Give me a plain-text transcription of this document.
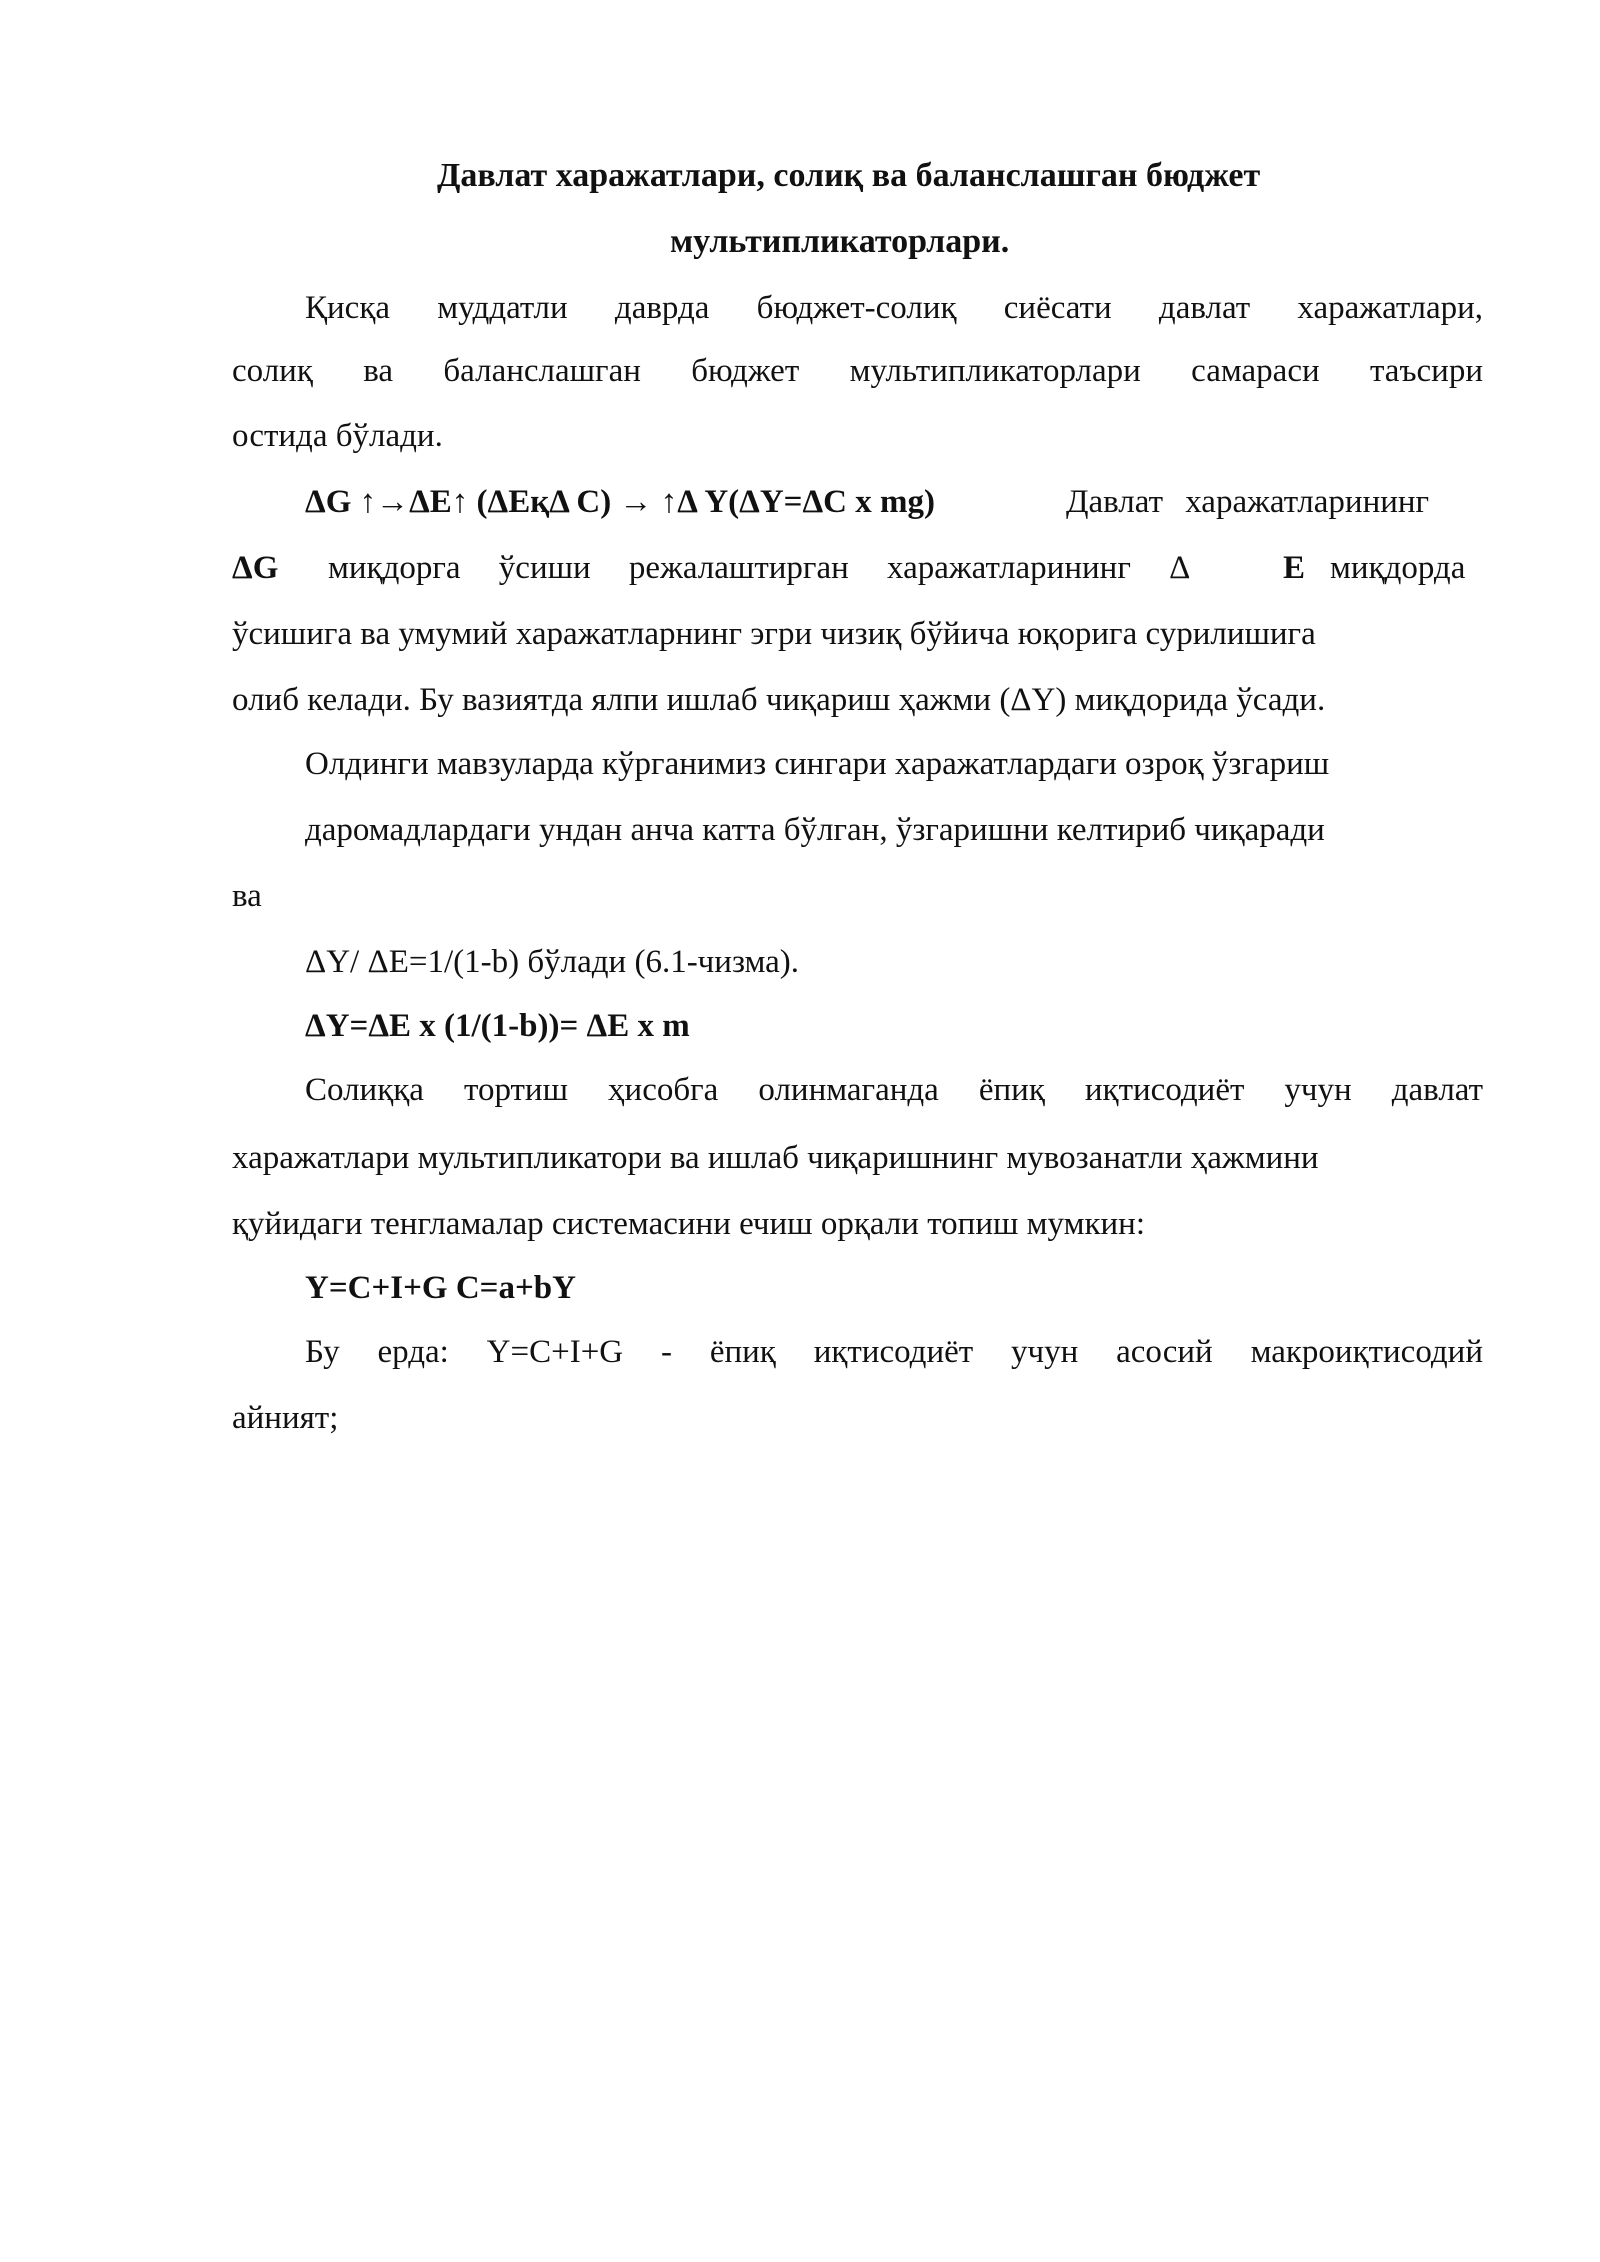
Давлат харажатлари, солиқ ва баланслашган бюджет
мультипликаторлари.
Қисқа муддатли даврда бюджет-солиқ сиёсати давлат харажатлари,
солиқ ва баланслашган бюджет мультипликаторлари самараси таъсири
остида бўлади.
ΔG ↑→ΔE↑ (ΔEқΔ C) → ↑Δ Y(ΔY=ΔC x mg)	Давлат харажатларининг
ΔG миқдорга ўсиши режалаштирган харажатларининг Δ	E миқдорда
ўсишига ва умумий харажатларнинг эгри чизиқ бўйича юқорига сурилишига
олиб келади. Бу вазиятда ялпи ишлаб чиқариш ҳажми (ΔY) миқдорида ўсади.
Олдинги мавзуларда кўрганимиз сингари харажатлардаги озроқ ўзгариш
даромадлардаги ундан анча катта бўлган, ўзгаришни келтириб чиқаради
ва
ΔY/ ΔE=1/(1-b) бўлади (6.1-чизма).
ΔY=ΔE x (1/(1-b))= ΔE x m
Солиққа тортиш ҳисобга олинмаганда ёпиқ иқтисодиёт учун давлат
харажатлари мультипликатори ва ишлаб чиқаришнинг мувозанатли ҳажмини
қуйидаги тенгламалар системасини ечиш орқали топиш мумкин:
Y=C+I+G C=a+bY
Бу ерда: Y=C+I+G - ёпиқ иқтисодиёт учун асосий макроиқтисодий
айният;
